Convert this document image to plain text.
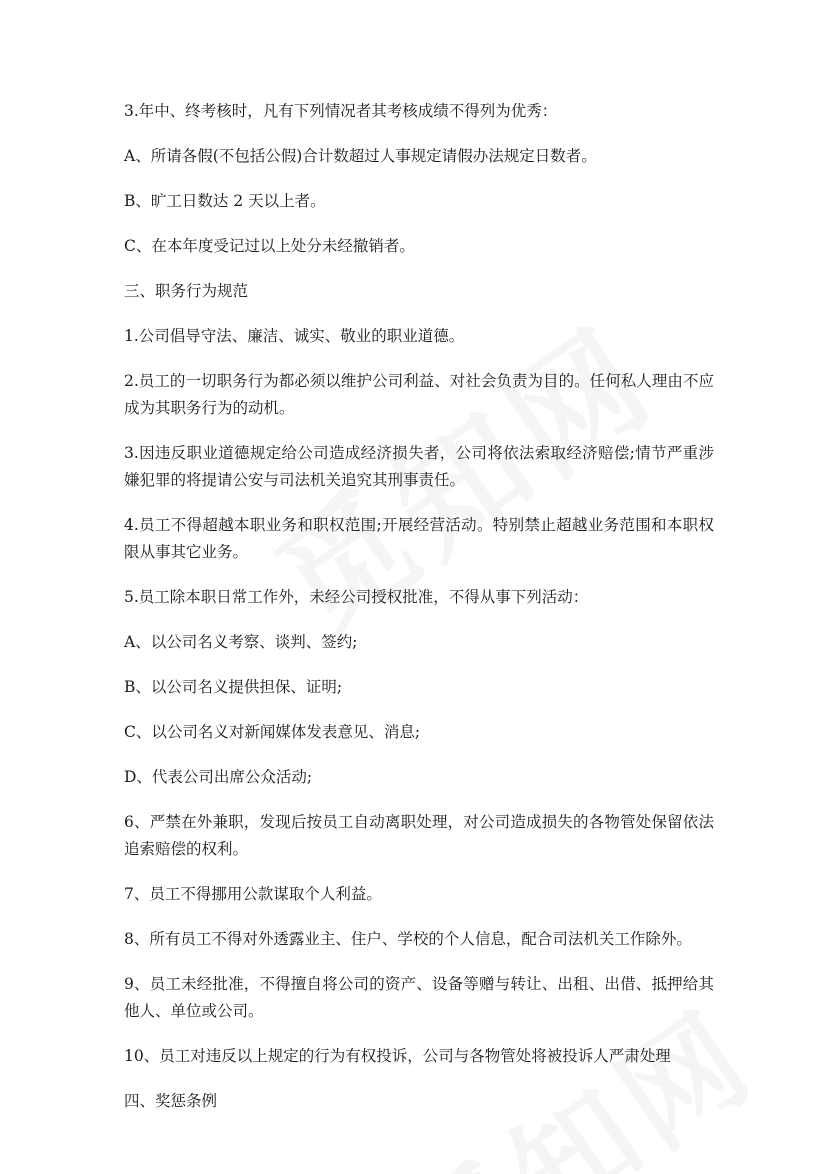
3.年中、终考核时，凡有下列情况者其考核成绩不得列为优秀：

A、所请各假(不包括公假)合计数超过人事规定请假办法规定日数者。

B、旷工日数达 2 天以上者。

C、在本年度受记过以上处分未经撤销者。

三、职务行为规范

1.公司倡导守法、廉洁、诚实、敬业的职业道德。

2.员工的一切职务行为都必须以维护公司利益、对社会负责为目的。任何私人理由不应成为其职务行为的动机。

3.因违反职业道德规定给公司造成经济损失者，公司将依法索取经济赔偿;情节严重涉嫌犯罪的将提请公安与司法机关追究其刑事责任。

4.员工不得超越本职业务和职权范围;开展经营活动。特别禁止超越业务范围和本职权限从事其它业务。

5.员工除本职日常工作外，未经公司授权批准，不得从事下列活动：

A、以公司名义考察、谈判、签约;

B、以公司名义提供担保、证明;

C、以公司名义对新闻媒体发表意见、消息;

D、代表公司出席公众活动;

6、严禁在外兼职，发现后按员工自动离职处理，对公司造成损失的各物管处保留依法追索赔偿的权利。

7、员工不得挪用公款谋取个人利益。

8、所有员工不得对外透露业主、住户、学校的个人信息，配合司法机关工作除外。

9、员工未经批准，不得擅自将公司的资产、设备等赠与转让、出租、出借、抵押给其他人、单位或公司。

10、员工对违反以上规定的行为有权投诉，公司与各物管处将被投诉人严肃处理

四、奖惩条例
